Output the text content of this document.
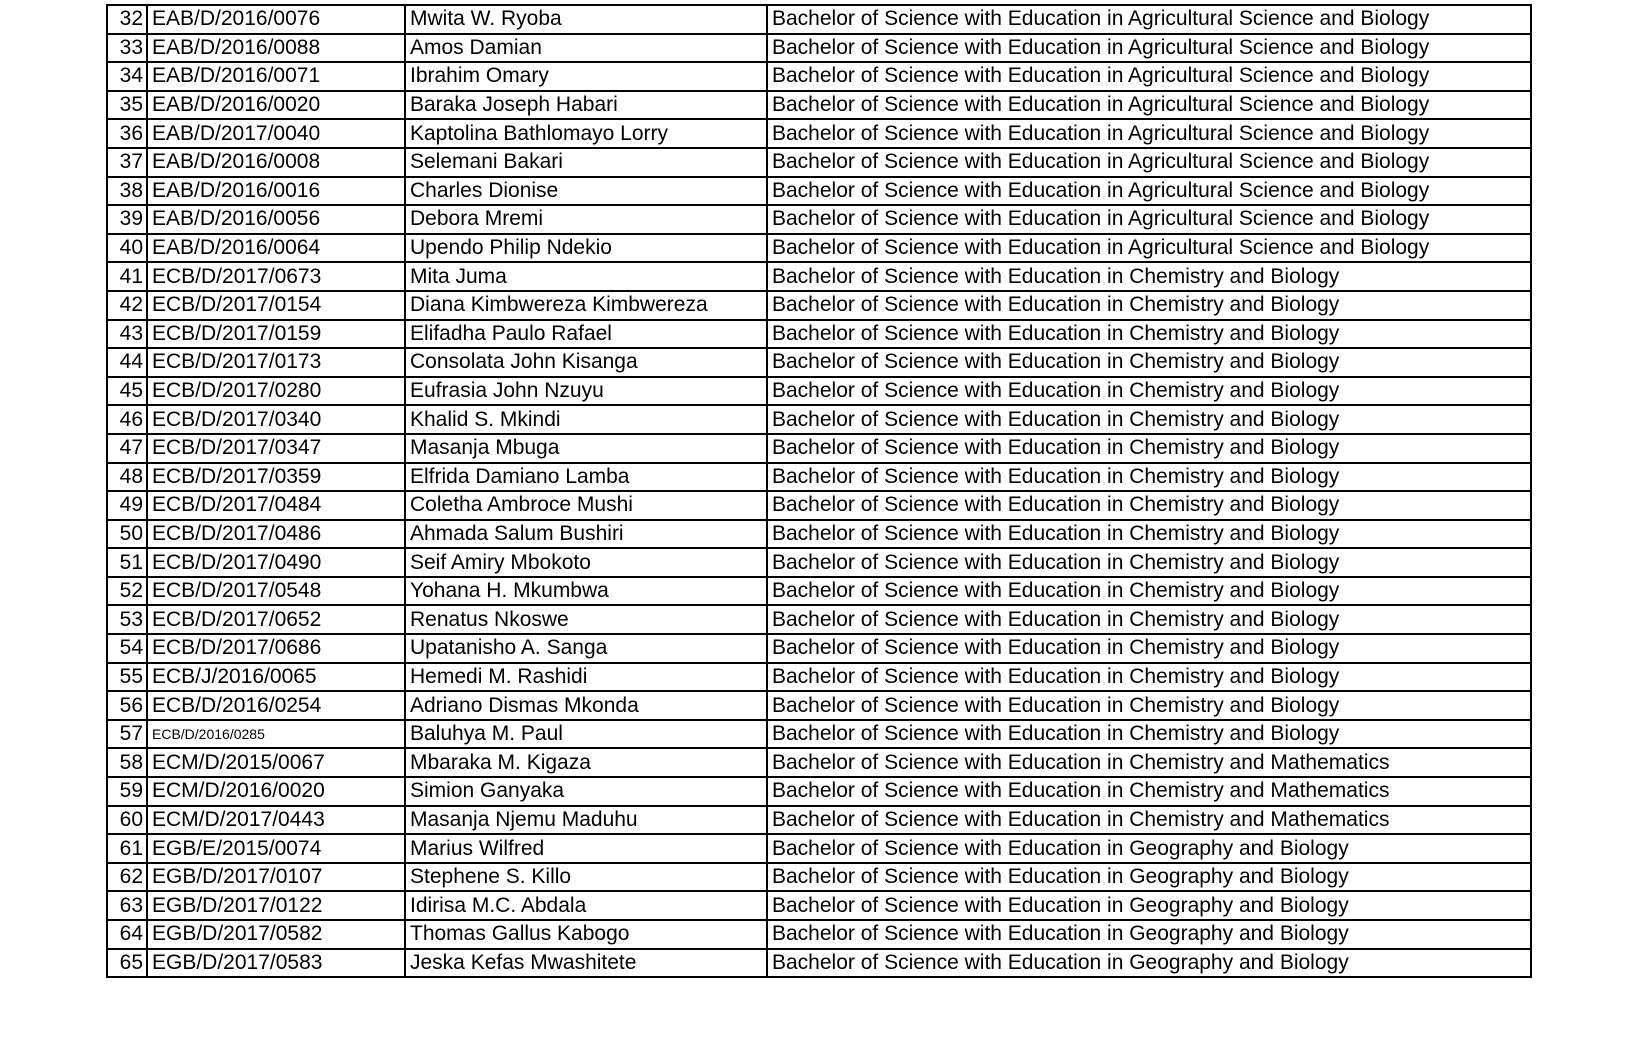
32	EAB/D/2016/0076	Mwita W. Ryoba	Bachelor of Science with Education in Agricultural Science and Biology
33	EAB/D/2016/0088	Amos Damian	Bachelor of Science with Education in Agricultural Science and Biology
34	EAB/D/2016/0071	Ibrahim Omary	Bachelor of Science with Education in Agricultural Science and Biology
35	EAB/D/2016/0020	Baraka Joseph Habari	Bachelor of Science with Education in Agricultural Science and Biology
36	EAB/D/2017/0040	Kaptolina Bathlomayo Lorry	Bachelor of Science with Education in Agricultural Science and Biology
37	EAB/D/2016/0008	Selemani Bakari	Bachelor of Science with Education in Agricultural Science and Biology
38	EAB/D/2016/0016	Charles Dionise	Bachelor of Science with Education in Agricultural Science and Biology
39	EAB/D/2016/0056	Debora Mremi	Bachelor of Science with Education in Agricultural Science and Biology
40	EAB/D/2016/0064	Upendo Philip Ndekio	Bachelor of Science with Education in Agricultural Science and Biology
41	ECB/D/2017/0673	Mita Juma	Bachelor of Science with Education in Chemistry and Biology
42	ECB/D/2017/0154	Diana Kimbwereza Kimbwereza	Bachelor of Science with Education in Chemistry and Biology
43	ECB/D/2017/0159	Elifadha Paulo Rafael	Bachelor of Science with Education in Chemistry and Biology
44	ECB/D/2017/0173	Consolata John Kisanga	Bachelor of Science with Education in Chemistry and Biology
45	ECB/D/2017/0280	Eufrasia John Nzuyu	Bachelor of Science with Education in Chemistry and Biology
46	ECB/D/2017/0340	Khalid S. Mkindi	Bachelor of Science with Education in Chemistry and Biology
47	ECB/D/2017/0347	Masanja Mbuga	Bachelor of Science with Education in Chemistry and Biology
48	ECB/D/2017/0359	Elfrida Damiano Lamba	Bachelor of Science with Education in Chemistry and Biology
49	ECB/D/2017/0484	Coletha Ambroce Mushi	Bachelor of Science with Education in Chemistry and Biology
50	ECB/D/2017/0486	Ahmada Salum Bushiri	Bachelor of Science with Education in Chemistry and Biology
51	ECB/D/2017/0490	Seif Amiry Mbokoto	Bachelor of Science with Education in Chemistry and Biology
52	ECB/D/2017/0548	Yohana H. Mkumbwa	Bachelor of Science with Education in Chemistry and Biology
53	ECB/D/2017/0652	Renatus Nkoswe	Bachelor of Science with Education in Chemistry and Biology
54	ECB/D/2017/0686	Upatanisho A. Sanga	Bachelor of Science with Education in Chemistry and Biology
55	ECB/J/2016/0065	Hemedi M. Rashidi	Bachelor of Science with Education in Chemistry and Biology
56	ECB/D/2016/0254	Adriano Dismas Mkonda	Bachelor of Science with Education in Chemistry and Biology
57	ECB/D/2016/0285	Baluhya M. Paul	Bachelor of Science with Education in Chemistry and Biology
58	ECM/D/2015/0067	Mbaraka M. Kigaza	Bachelor of Science with Education in Chemistry and Mathematics
59	ECM/D/2016/0020	Simion Ganyaka	Bachelor of Science with Education in Chemistry and Mathematics
60	ECM/D/2017/0443	Masanja Njemu Maduhu	Bachelor of Science with Education in Chemistry and Mathematics
61	EGB/E/2015/0074	Marius Wilfred	Bachelor of Science with Education in Geography and Biology
62	EGB/D/2017/0107	Stephene S. Killo	Bachelor of Science with Education in Geography and Biology
63	EGB/D/2017/0122	Idirisa M.C. Abdala	Bachelor of Science with Education in Geography and Biology
64	EGB/D/2017/0582	Thomas Gallus Kabogo	Bachelor of Science with Education in Geography and Biology
65	EGB/D/2017/0583	Jeska Kefas Mwashitete	Bachelor of Science with Education in Geography and Biology
